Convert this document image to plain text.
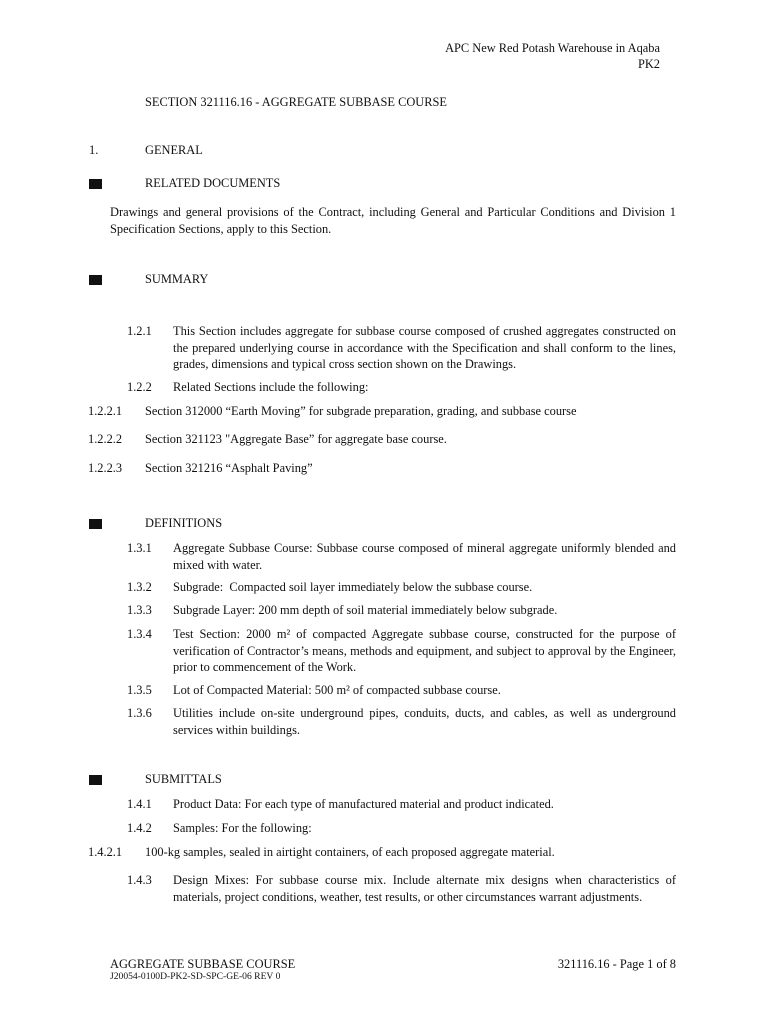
APC New Red Potash Warehouse in Aqaba
PK2
SECTION 321116.16 - AGGREGATE SUBBASE COURSE
1.	GENERAL
RELATED DOCUMENTS
Drawings and general provisions of the Contract, including General and Particular Conditions and Division 1 Specification Sections, apply to this Section.
SUMMARY
1.2.1 This Section includes aggregate for subbase course composed of crushed aggregates constructed on the prepared underlying course in accordance with the Specification and shall conform to the lines, grades, dimensions and typical cross section shown on the Drawings.
1.2.2 Related Sections include the following:
1.2.2.1 Section 312000 “Earth Moving” for subgrade preparation, grading, and subbase course
1.2.2.2 Section 321123 "Aggregate Base” for aggregate base course.
1.2.2.3 Section 321216 “Asphalt Paving”
DEFINITIONS
1.3.1 Aggregate Subbase Course: Subbase course composed of mineral aggregate uniformly blended and mixed with water.
1.3.2 Subgrade:  Compacted soil layer immediately below the subbase course.
1.3.3 Subgrade Layer: 200 mm depth of soil material immediately below subgrade.
1.3.4 Test Section: 2000 m² of compacted Aggregate subbase course, constructed for the purpose of verification of Contractor’s means, methods and equipment, and subject to approval by the Engineer, prior to commencement of the Work.
1.3.5 Lot of Compacted Material: 500 m² of compacted subbase course.
1.3.6 Utilities include on-site underground pipes, conduits, ducts, and cables, as well as underground services within buildings.
SUBMITTALS
1.4.1 Product Data: For each type of manufactured material and product indicated.
1.4.2 Samples: For the following:
1.4.2.1 100-kg samples, sealed in airtight containers, of each proposed aggregate material.
1.4.3 Design Mixes: For subbase course mix. Include alternate mix designs when characteristics of materials, project conditions, weather, test results, or other circumstances warrant adjustments.
AGGREGATE SUBBASE COURSE	321116.16 - Page 1 of 8
J20054-0100D-PK2-SD-SPC-GE-06 REV 0
